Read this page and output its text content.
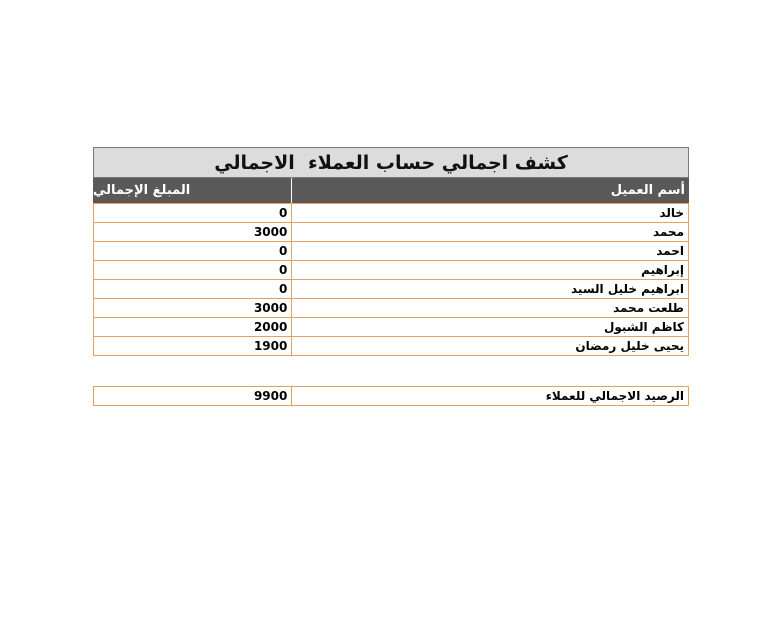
كشف اجمالي حساب العملاء  الاجمالي
المبلغ الإجمالي	أسم العميل
0	خالد
3000	محمد
0	احمد
0	إبراهيم
0	ابراهيم خليل السيد
3000	طلعت محمد
2000	كاظم الشبول
1900	يحيى خليل رمضان
9900	الرصيد الاجمالي للعملاء
